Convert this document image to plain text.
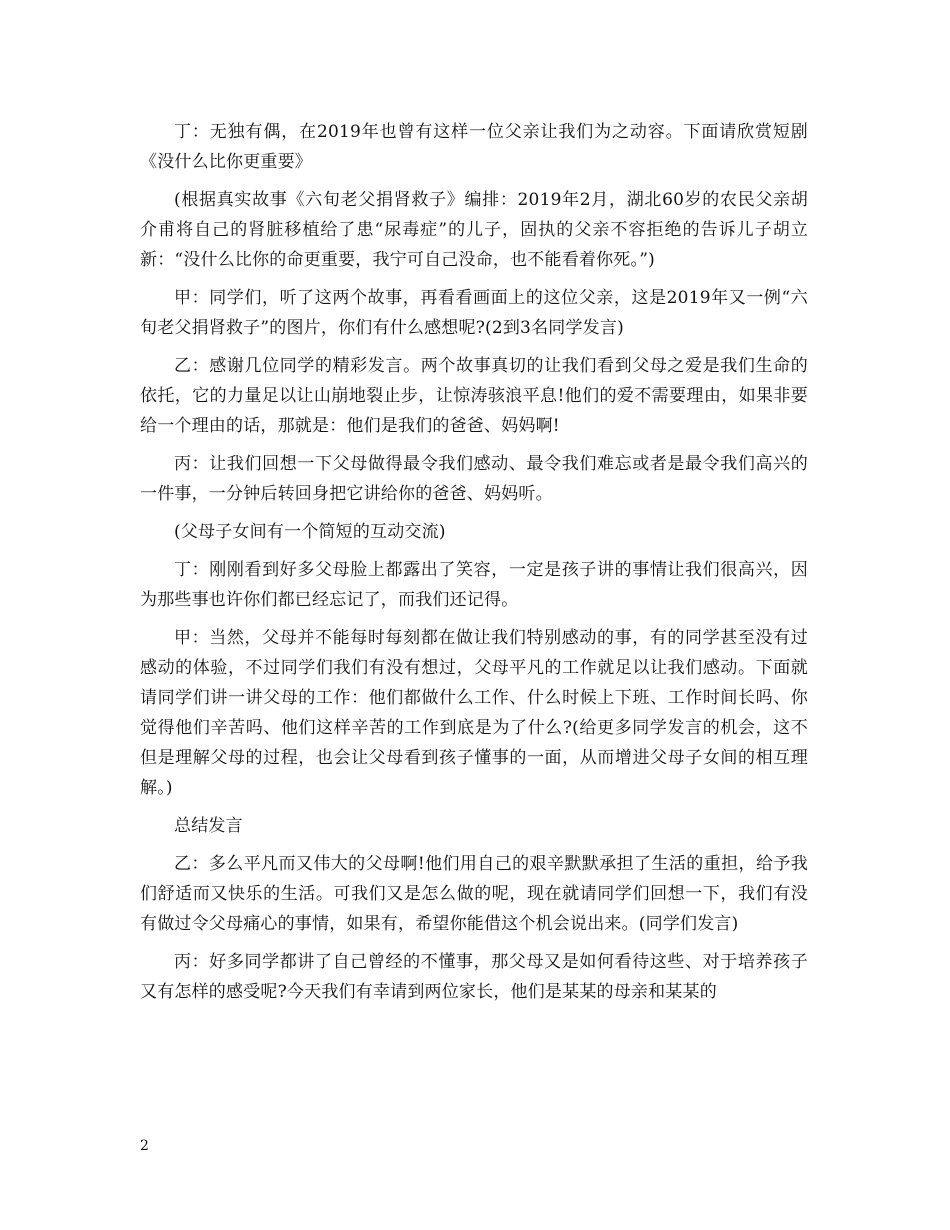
丁：无独有偶，在2019年也曾有这样一位父亲让我们为之动容。下面请欣赏短剧《没什么比你更重要》

(根据真实故事《六旬老父捐肾救子》编排：2019年2月，湖北60岁的农民父亲胡介甫将自己的肾脏移植给了患“尿毒症”的儿子，固执的父亲不容拒绝的告诉儿子胡立新：“没什么比你的命更重要，我宁可自己没命，也不能看着你死。”)

甲：同学们，听了这两个故事，再看看画面上的这位父亲，这是2019年又一例“六旬老父捐肾救子”的图片，你们有什么感想呢?(2到3名同学发言)

乙：感谢几位同学的精彩发言。两个故事真切的让我们看到父母之爱是我们生命的依托，它的力量足以让山崩地裂止步，让惊涛骇浪平息!他们的爱不需要理由，如果非要给一个理由的话，那就是：他们是我们的爸爸、妈妈啊!

丙：让我们回想一下父母做得最令我们感动、最令我们难忘或者是最令我们高兴的一件事，一分钟后转回身把它讲给你的爸爸、妈妈听。

(父母子女间有一个简短的互动交流)

丁：刚刚看到好多父母脸上都露出了笑容，一定是孩子讲的事情让我们很高兴，因为那些事也许你们都已经忘记了，而我们还记得。

甲：当然，父母并不能每时每刻都在做让我们特别感动的事，有的同学甚至没有过感动的体验，不过同学们我们有没有想过，父母平凡的工作就足以让我们感动。下面就请同学们讲一讲父母的工作：他们都做什么工作、什么时候上下班、工作时间长吗、你觉得他们辛苦吗、他们这样辛苦的工作到底是为了什么?(给更多同学发言的机会，这不但是理解父母的过程，也会让父母看到孩子懂事的一面，从而增进父母子女间的相互理解。)

总结发言

乙：多么平凡而又伟大的父母啊!他们用自己的艰辛默默承担了生活的重担，给予我们舒适而又快乐的生活。可我们又是怎么做的呢，现在就请同学们回想一下，我们有没有做过令父母痛心的事情，如果有，希望你能借这个机会说出来。(同学们发言)

丙：好多同学都讲了自己曾经的不懂事，那父母又是如何看待这些、对于培养孩子又有怎样的感受呢?今天我们有幸请到两位家长，他们是某某的母亲和某某的

2
